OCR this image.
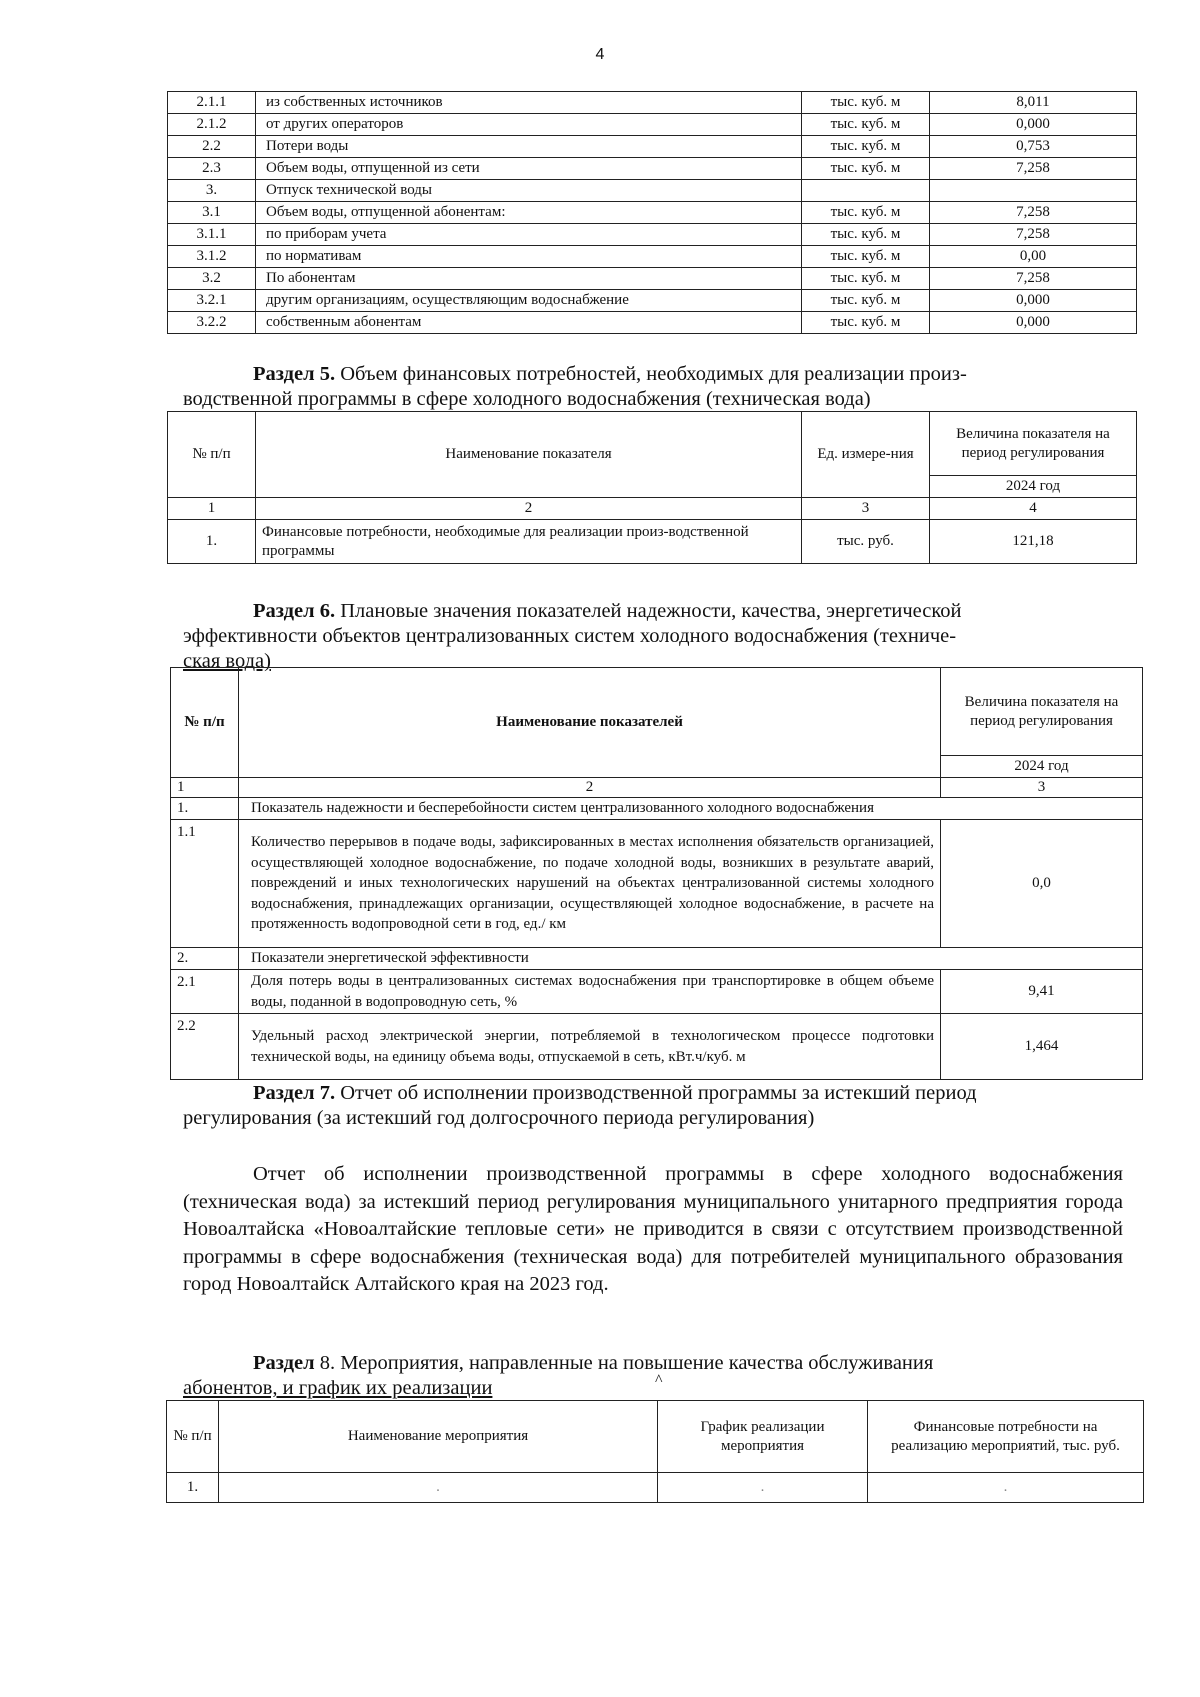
4
2.1.1	из собственных источников	тыс. куб. м	8,011
2.1.2	от других операторов	тыс. куб. м	0,000
2.2	Потери воды	тыс. куб. м	0,753
2.3	Объем воды, отпущенной из сети	тыс. куб. м	7,258
3.	Отпуск технической воды		
3.1	Объем воды, отпущенной абонентам:	тыс. куб. м	7,258
3.1.1	по приборам учета	тыс. куб. м	7,258
3.1.2	по нормативам	тыс. куб. м	0,00
3.2	По абонентам	тыс. куб. м	7,258
3.2.1	другим организациям, осуществляющим водоснабжение	тыс. куб. м	0,000
3.2.2	собственным абонентам	тыс. куб. м	0,000
Раздел 5. Объем финансовых потребностей, необходимых для реализации произ-
водственной программы в сфере холодного водоснабжения (техническая вода)
№ п/п	Наименование показателя	Ед. измере-ния	Величина показателя на период регулирования
			2024 год
1	2	3	4
1.	Финансовые потребности, необходимые для реализации произ-водственной программы	тыс. руб.	121,18
Раздел 6. Плановые значения показателей надежности, качества, энергетической
эффективности объектов централизованных систем холодного водоснабжения (техниче-
ская вода)
№ п/п	Наименование показателей	Величина показателя на период регулирования
		2024 год
1	2	3
1.	Показатель надежности и бесперебойности систем централизованного холодного водоснабжения	
1.1	Количество перерывов в подаче воды, зафиксированных в местах исполнения обязательств организацией, осуществляющей холодное водоснабжение, по подаче холодной воды, возникших в результате аварий, повреждений и иных технологических нарушений на объектах централизованной системы холодного водоснабжения, принадлежащих организации, осуществляющей холодное водоснабжение, в расчете на протяженность водопроводной сети в год, ед./ км	0,0
2.	Показатели энергетической эффективности	
2.1	Доля потерь воды в централизованных системах водоснабжения при транспортировке в общем объеме воды, поданной в водопроводную сеть, %	9,41
2.2	Удельный расход электрической энергии, потребляемой в технологическом процессе подготовки технической воды, на единицу объема воды, отпускаемой в сеть, кВт.ч/куб. м	1,464
Раздел 7. Отчет об исполнении производственной программы за истекший период
регулирования (за истекший год долгосрочного периода регулирования)
Отчет об исполнении производственной программы в сфере холодного водоснабжения (техническая вода) за истекший период регулирования муниципального унитарного предприятия города Новоалтайска «Новоалтайские тепловые сети» не приводится в связи с отсутствием производственной программы в сфере водоснабжения (техническая вода) для потребителей муниципального образования город Новоалтайск Алтайского края на 2023 год.
Раздел 8. Мероприятия, направленные на повышение качества обслуживания
абонентов, и график их реализации	^
№ п/п	Наименование мероприятия	График реализации мероприятия	Финансовые потребности на реализацию мероприятий, тыс. руб.
1.	.	.	.
